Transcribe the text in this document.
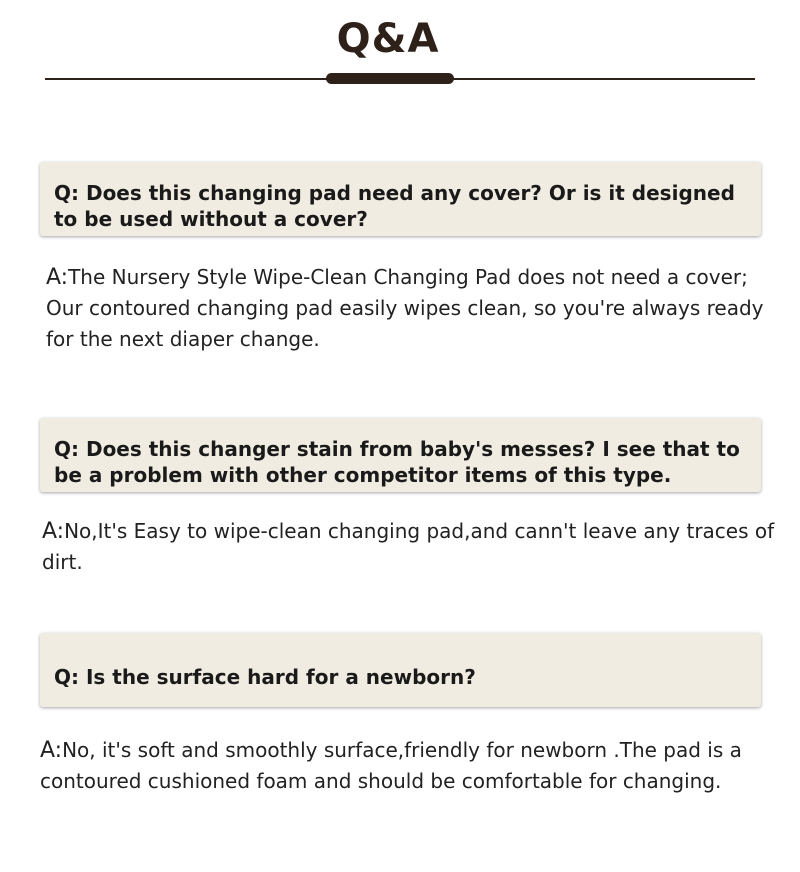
Q&A

Q: Does this changing pad need any cover? Or is it designed to be used without a cover?

A:The Nursery Style Wipe-Clean Changing Pad does not need a cover; Our contoured changing pad easily wipes clean, so you're always ready for the next diaper change.

Q: Does this changer stain from baby's messes? I see that to be a problem with other competitor items of this type.

A:No,It's Easy to wipe-clean changing pad,and cann't leave any traces of dirt.

Q: Is the surface hard for a newborn?

A:No, it's soft and smoothly surface,friendly for newborn .The pad is a contoured cushioned foam and should be comfortable for changing.
